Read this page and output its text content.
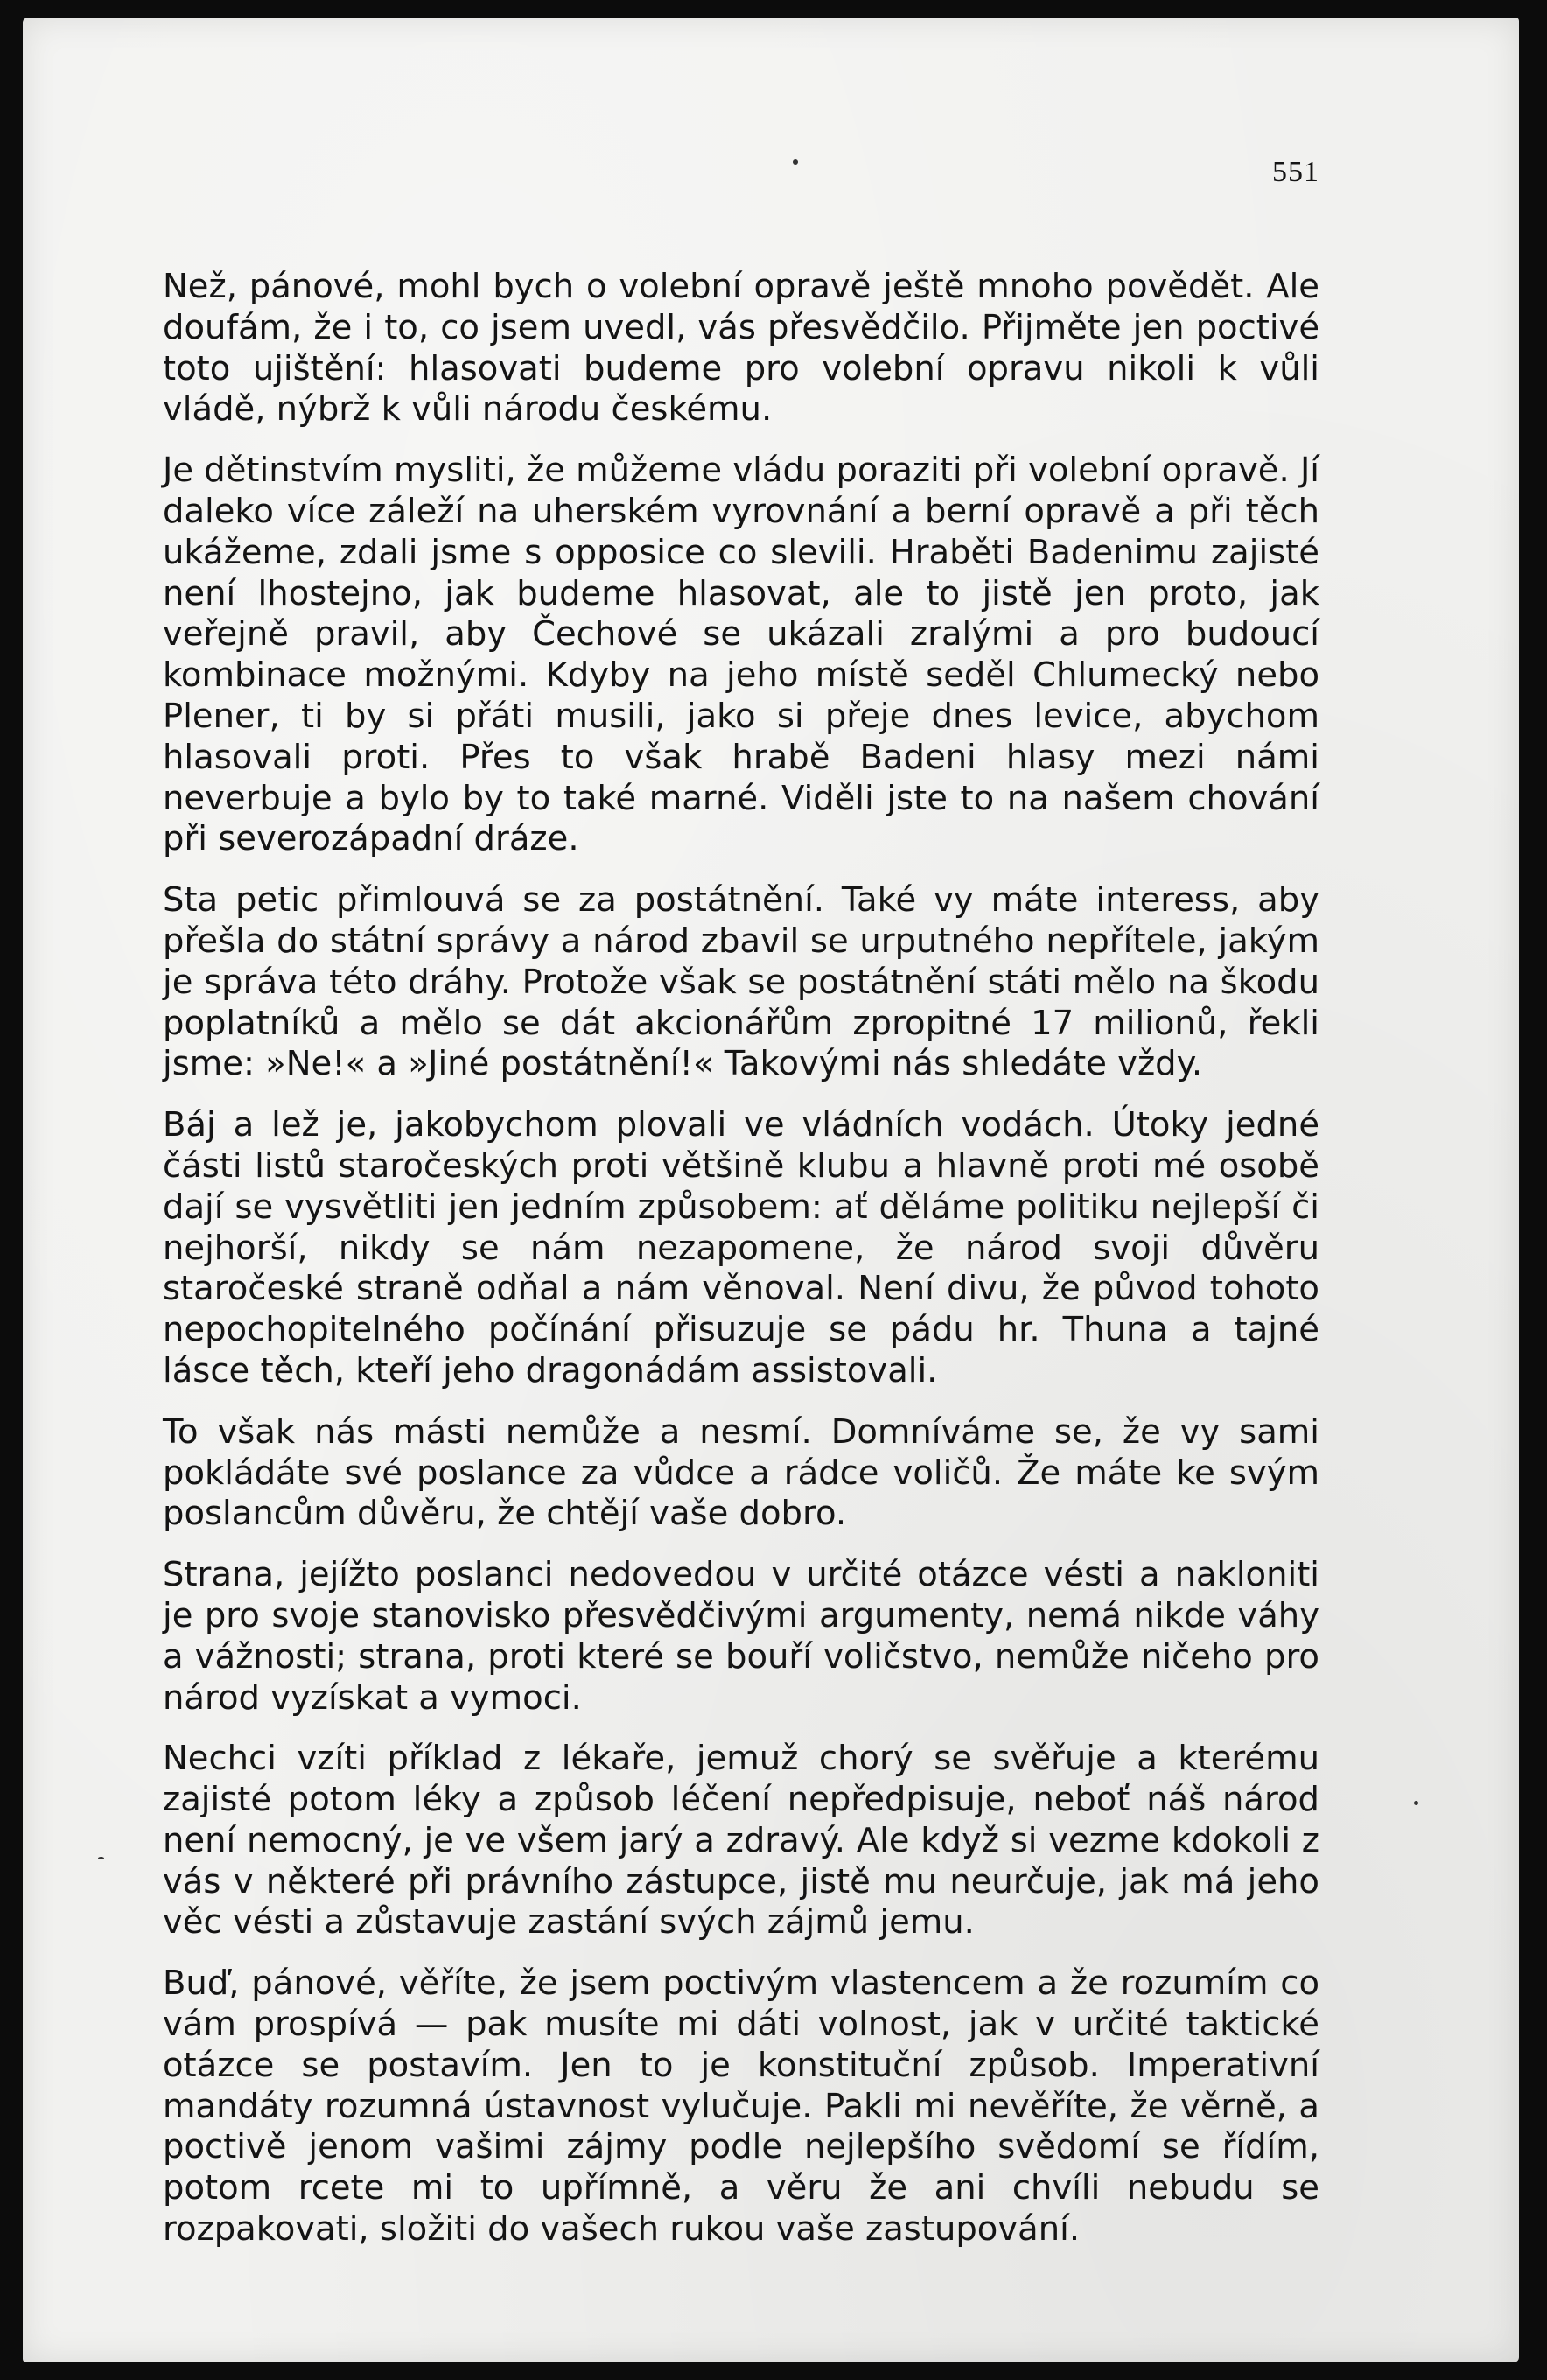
551

Než, pánové, mohl bych o volební opravě ještě mnoho povědět. Ale doufám, že i to, co jsem uvedl, vás přesvědčilo. Přijměte jen poctivé toto ujištění: hlasovati budeme pro volební opravu nikoli k vůli vládě, nýbrž k vůli národu českému.

Je dětinstvím mysliti, že můžeme vládu poraziti při volební opravě. Jí daleko více záleží na uherském vyrovnání a berní opravě a při těch ukážeme, zdali jsme s opposice co slevili. Hraběti Badenimu zajisté není lhostejno, jak budeme hlasovat, ale to jistě jen proto, jak veřejně pravil, aby Čechové se ukázali zralými a pro budoucí kombinace možnými. Kdyby na jeho místě seděl Chlumecký nebo Plener, ti by si přáti musili, jako si přeje dnes levice, abychom hlasovali proti. Přes to však hrabě Badeni hlasy mezi námi neverbuje a bylo by to také marné. Viděli jste to na našem chování při severozápadní dráze.

Sta petic přimlouvá se za postátnění. Také vy máte interess, aby přešla do státní správy a národ zbavil se urputného nepřítele, jakým je správa této dráhy. Protože však se postátnění státi mělo na škodu poplatníků a mělo se dát akcionářům zpropitné 17 milionů, řekli jsme: »Ne!« a »Jiné postátnění!« Takovými nás shledáte vždy.

Báj a lež je, jakobychom plovali ve vládních vodách. Útoky jedné části listů staročeských proti většině klubu a hlavně proti mé osobě dají se vysvětliti jen jedním způsobem: ať děláme politiku nejlepší či nejhorší, nikdy se nám nezapomene, že národ svoji důvěru staročeské straně odňal a nám věnoval. Není divu, že původ tohoto nepochopitelného počínání přisuzuje se pádu hr. Thuna a tajné lásce těch, kteří jeho dragonádám assistovali.

To však nás másti nemůže a nesmí. Domníváme se, že vy sami pokládáte své poslance za vůdce a rádce voličů. Že máte ke svým poslancům důvěru, že chtějí vaše dobro.

Strana, jejížto poslanci nedovedou v určité otázce vésti a nakloniti je pro svoje stanovisko přesvědčivými argumenty, nemá nikde váhy a vážnosti; strana, proti které se bouří voličstvo, nemůže ničeho pro národ vyzískat a vymoci.

Nechci vzíti příklad z lékaře, jemuž chorý se svěřuje a kterému zajisté potom léky a způsob léčení nepředpisuje, neboť náš národ není nemocný, je ve všem jarý a zdravý. Ale když si vezme kdokoli z vás v některé při právního zástupce, jistě mu neurčuje, jak má jeho věc vésti a zůstavuje zastání svých zájmů jemu.

Buď, pánové, věříte, že jsem poctivým vlastencem a že rozumím co vám prospívá — pak musíte mi dáti volnost, jak v určité taktické otázce se postavím. Jen to je konstituční způsob. Imperativní mandáty rozumná ústavnost vylučuje. Pakli mi nevěříte, že věrně, a poctivě jenom vašimi zájmy podle nejlepšího svědomí se řídím, potom rcete mi to upřímně, a věru že ani chvíli nebudu se rozpakovati, složiti do vašech rukou vaše zastupování.
